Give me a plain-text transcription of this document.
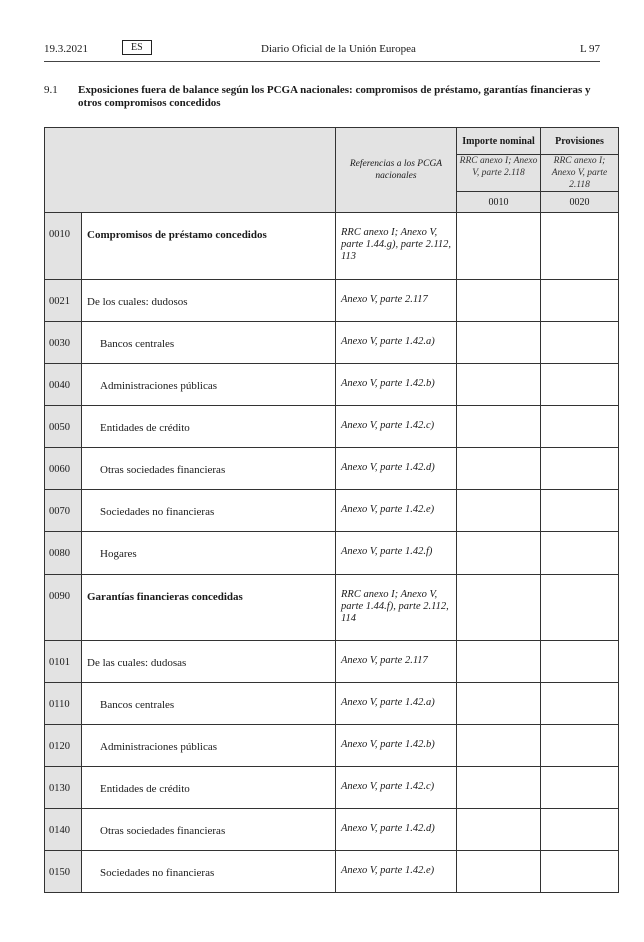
19.3.2021	ES	Diario Oficial de la Unión Europea	L 97
9.1 Exposiciones fuera de balance según los PCGA nacionales: compromisos de préstamo, garantías financieras y otros compromisos concedidos
		Referencias a los PCGA nacionales	Importe nominal	Provisiones
			RRC anexo I; Anexo V, parte 2.118	RRC anexo I; Anexo V, parte 2.118
			0010	0020
0010	Compromisos de préstamo concedidos	RRC anexo I; Anexo V, parte 1.44.g), parte 2.112, 113		
0021	De los cuales: dudosos	Anexo V, parte 2.117		
0030	Bancos centrales	Anexo V, parte 1.42.a)		
0040	Administraciones públicas	Anexo V, parte 1.42.b)		
0050	Entidades de crédito	Anexo V, parte 1.42.c)		
0060	Otras sociedades financieras	Anexo V, parte 1.42.d)		
0070	Sociedades no financieras	Anexo V, parte 1.42.e)		
0080	Hogares	Anexo V, parte 1.42.f)		
0090	Garantías financieras concedidas	RRC anexo I; Anexo V, parte 1.44.f), parte 2.112, 114		
0101	De las cuales: dudosas	Anexo V, parte 2.117		
0110	Bancos centrales	Anexo V, parte 1.42.a)		
0120	Administraciones públicas	Anexo V, parte 1.42.b)		
0130	Entidades de crédito	Anexo V, parte 1.42.c)		
0140	Otras sociedades financieras	Anexo V, parte 1.42.d)		
0150	Sociedades no financieras	Anexo V, parte 1.42.e)		
